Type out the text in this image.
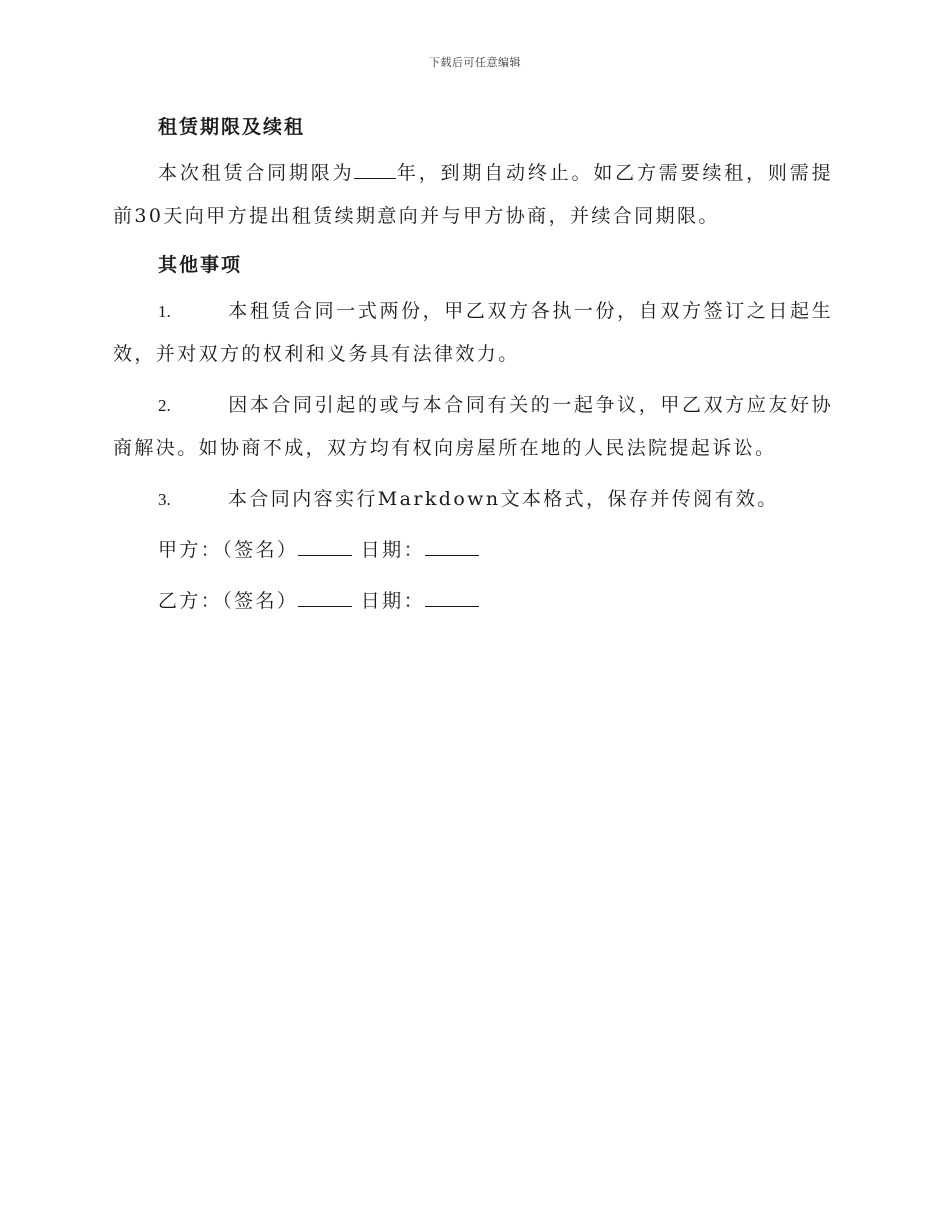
下载后可任意编辑
租赁期限及续租

本次租赁合同期限为 年，到期自动终止。如乙方需要续租，则需提前30天向甲方提出租赁续期意向并与甲方协商，并续合同期限。

其他事项

1.	本租赁合同一式两份，甲乙双方各执一份，自双方签订之日起生效，并对双方的权利和义务具有法律效力。

2.	因本合同引起的或与本合同有关的一起争议，甲乙双方应友好协商解决。如协商不成，双方均有权向房屋所在地的人民法院提起诉讼。

3.	本合同内容实行Markdown文本格式，保存并传阅有效。

甲方：（签名）	日期：

乙方：（签名）	日期：
